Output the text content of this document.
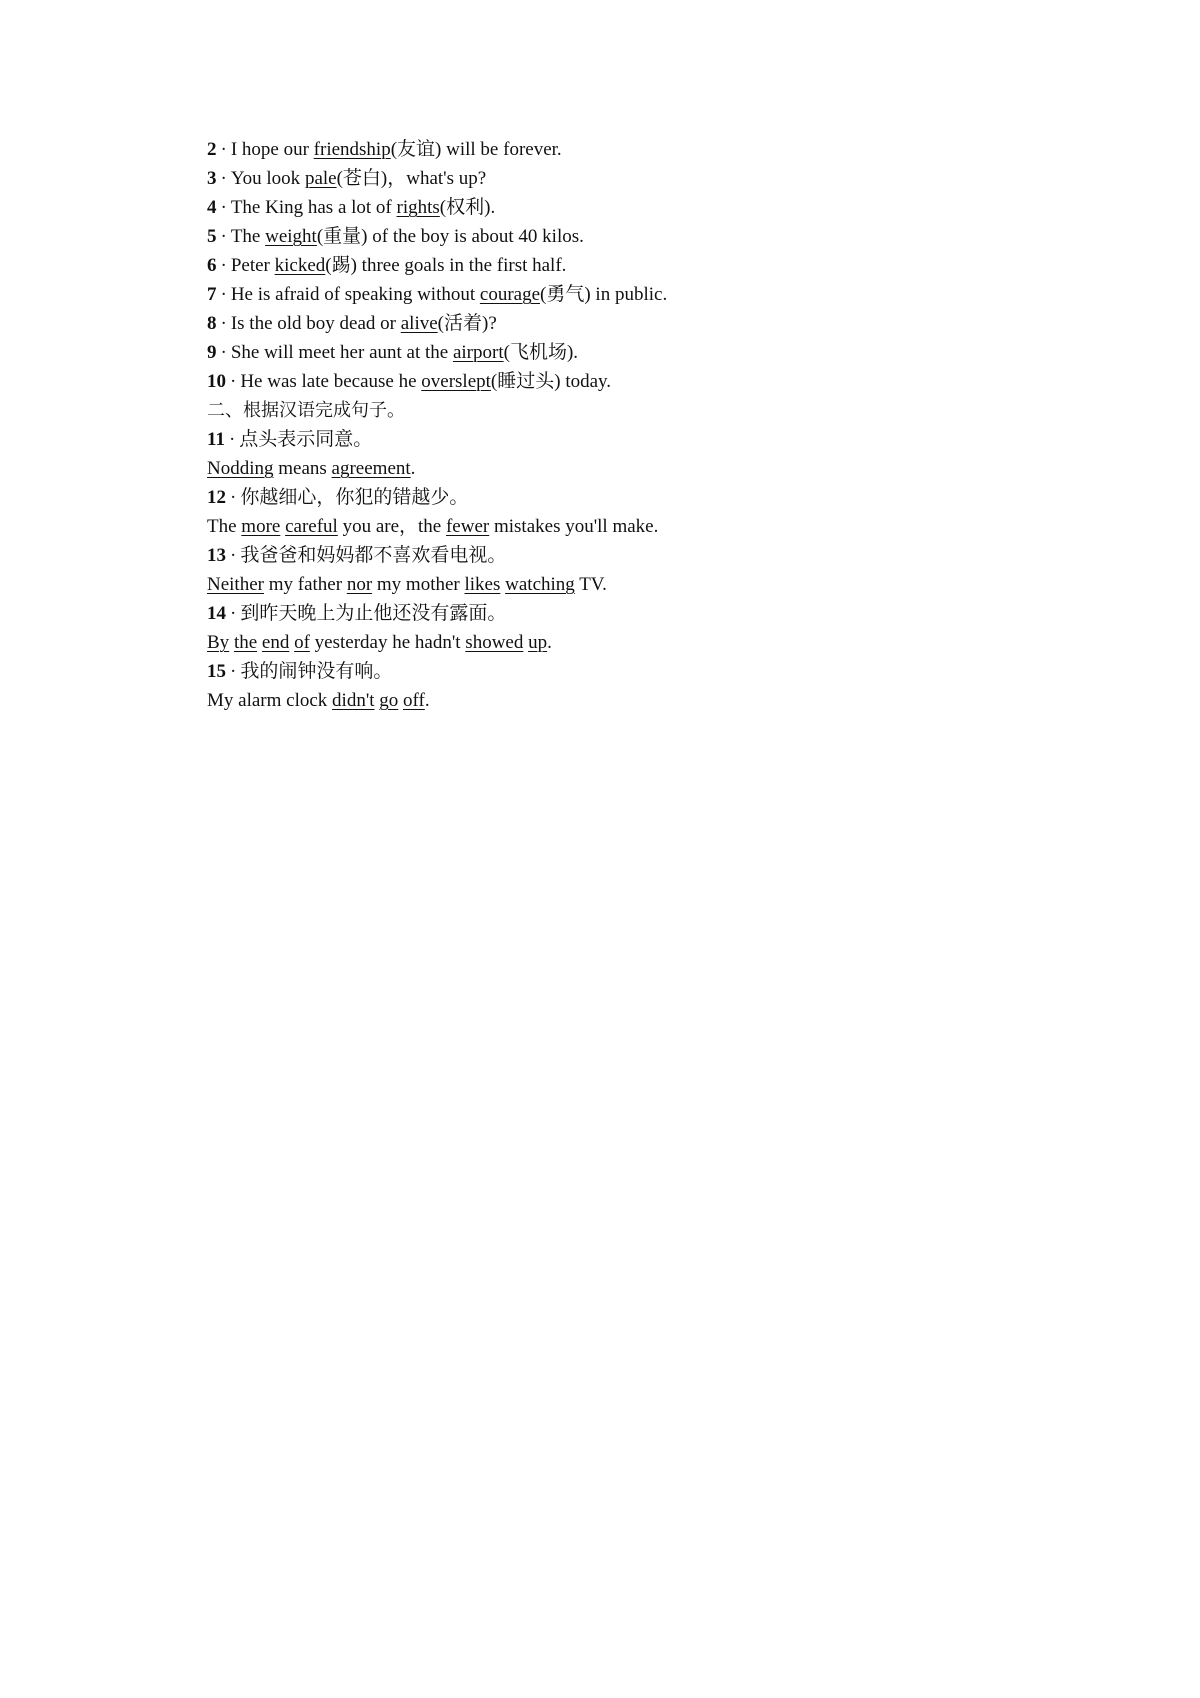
2 · I hope our friendship(友谊) will be forever.
3 · You look pale(苍白)，what's up?
4 · The King has a lot of rights(权利).
5 · The weight(重量) of the boy is about 40 kilos.
6 · Peter kicked(踢) three goals in the first half.
7 · He is afraid of speaking without courage(勇气) in public.
8 · Is the old boy dead or alive(活着)?
9 · She will meet her aunt at the airport(飞机场).
10 · He was late because he overslept(睡过头) today.
二、根据汉语完成句子。
11 · 点头表示同意。
Nodding means agreement.
12 · 你越细心，你犯的错越少。
The more careful you are，the fewer mistakes you'll make.
13 · 我爸爸和妈妈都不喜欢看电视。
Neither my father nor my mother likes watching TV.
14 · 到昨天晚上为止他还没有露面。
By the end of yesterday he hadn't showed up.
15 · 我的闹钟没有响。
My alarm clock didn't go off.
